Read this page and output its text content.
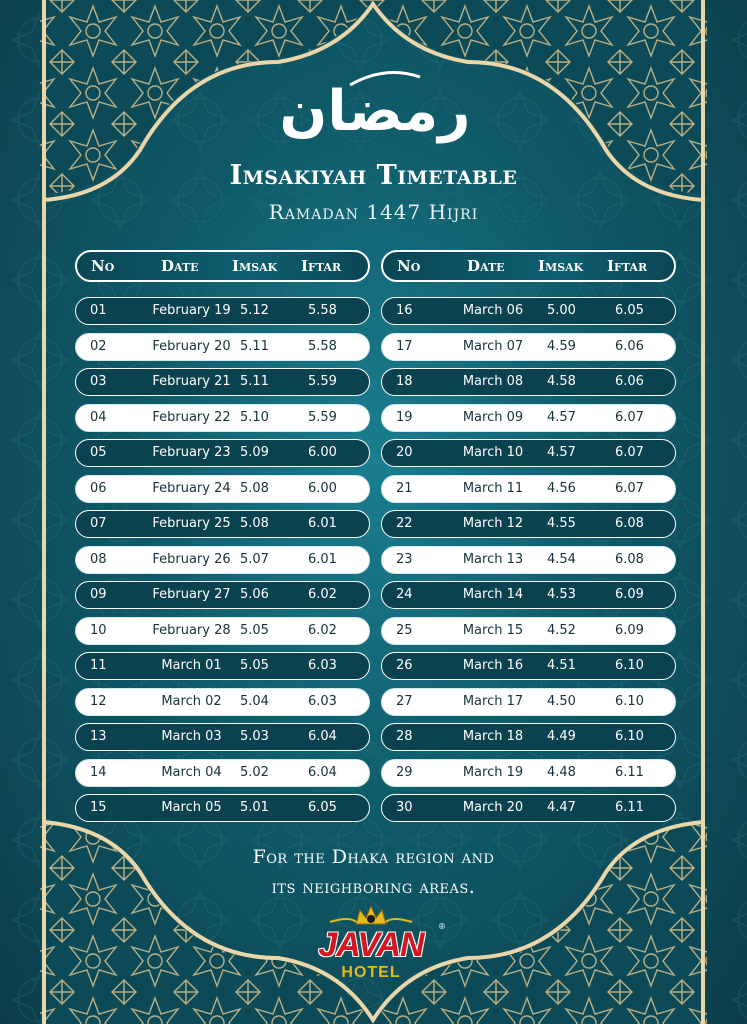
رمضان
Imsakiyah Timetable
Ramadan 1447 Hijri
No	Date Imsak Iftar
01	February 19 5.12	5.58
02	February 20 5.11	5.58
03	February 21 5.11	5.59
04	February 22 5.10	5.59
05	February 23 5.09	6.00
06	February 24 5.08	6.00
07	February 25 5.08	6.01
08	February 26 5.07	6.01
09	February 27 5.06	6.02
10	February 28 5.05	6.02
11	March 01	5.05	6.03
12	March 02	5.04	6.03
13	March 03	5.03	6.04
14	March 04	5.02	6.04
15	March 05	5.01	6.05
No	Date Imsak Iftar
16	March 06	5.00	6.05
17	March 07	4.59	6.06
18	March 08	4.58	6.06
19	March 09	4.57	6.07
20	March 10	4.57	6.07
21	March 11	4.56	6.07
22	March 12	4.55	6.08
23	March 13	4.54	6.08
24	March 14	4.53	6.09
25	March 15	4.52	6.09
26	March 16	4.51	6.10
27	March 17	4.50	6.10
28	March 18	4.49	6.10
29	March 19	4.48	6.11
30	March 20	4.47	6.11
For the Dhaka region and
its neighboring areas.
JAVAN	®
HOTEL
